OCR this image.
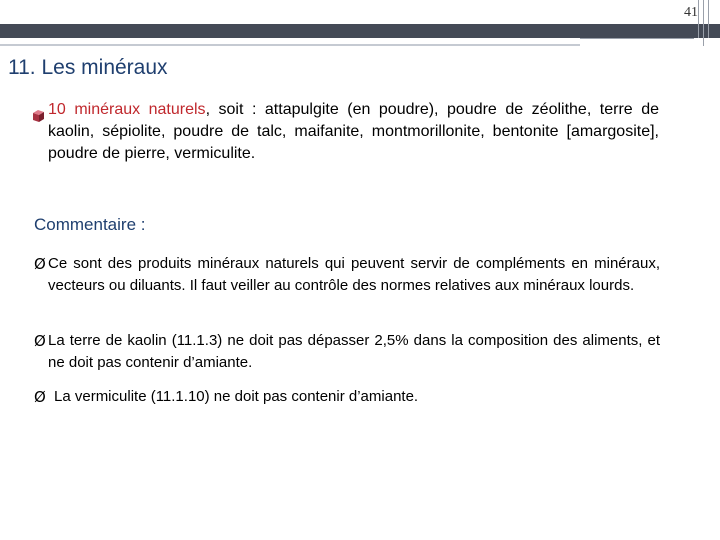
41
11. Les minéraux

10 minéraux naturels, soit : attapulgite (en poudre), poudre de zéolithe, terre de kaolin, sépiolite, poudre de talc, maifanite, montmorillonite, bentonite [amargosite], poudre de pierre, vermiculite.

Commentaire :

Ø Ce sont des produits minéraux naturels qui peuvent servir de compléments en minéraux, vecteurs ou diluants. Il faut veiller au contrôle des normes relatives aux minéraux lourds.
Ø La terre de kaolin (11.1.3) ne doit pas dépasser 2,5% dans la composition des aliments, et ne doit pas contenir d’amiante.
Ø La vermiculite (11.1.10) ne doit pas contenir d’amiante.
